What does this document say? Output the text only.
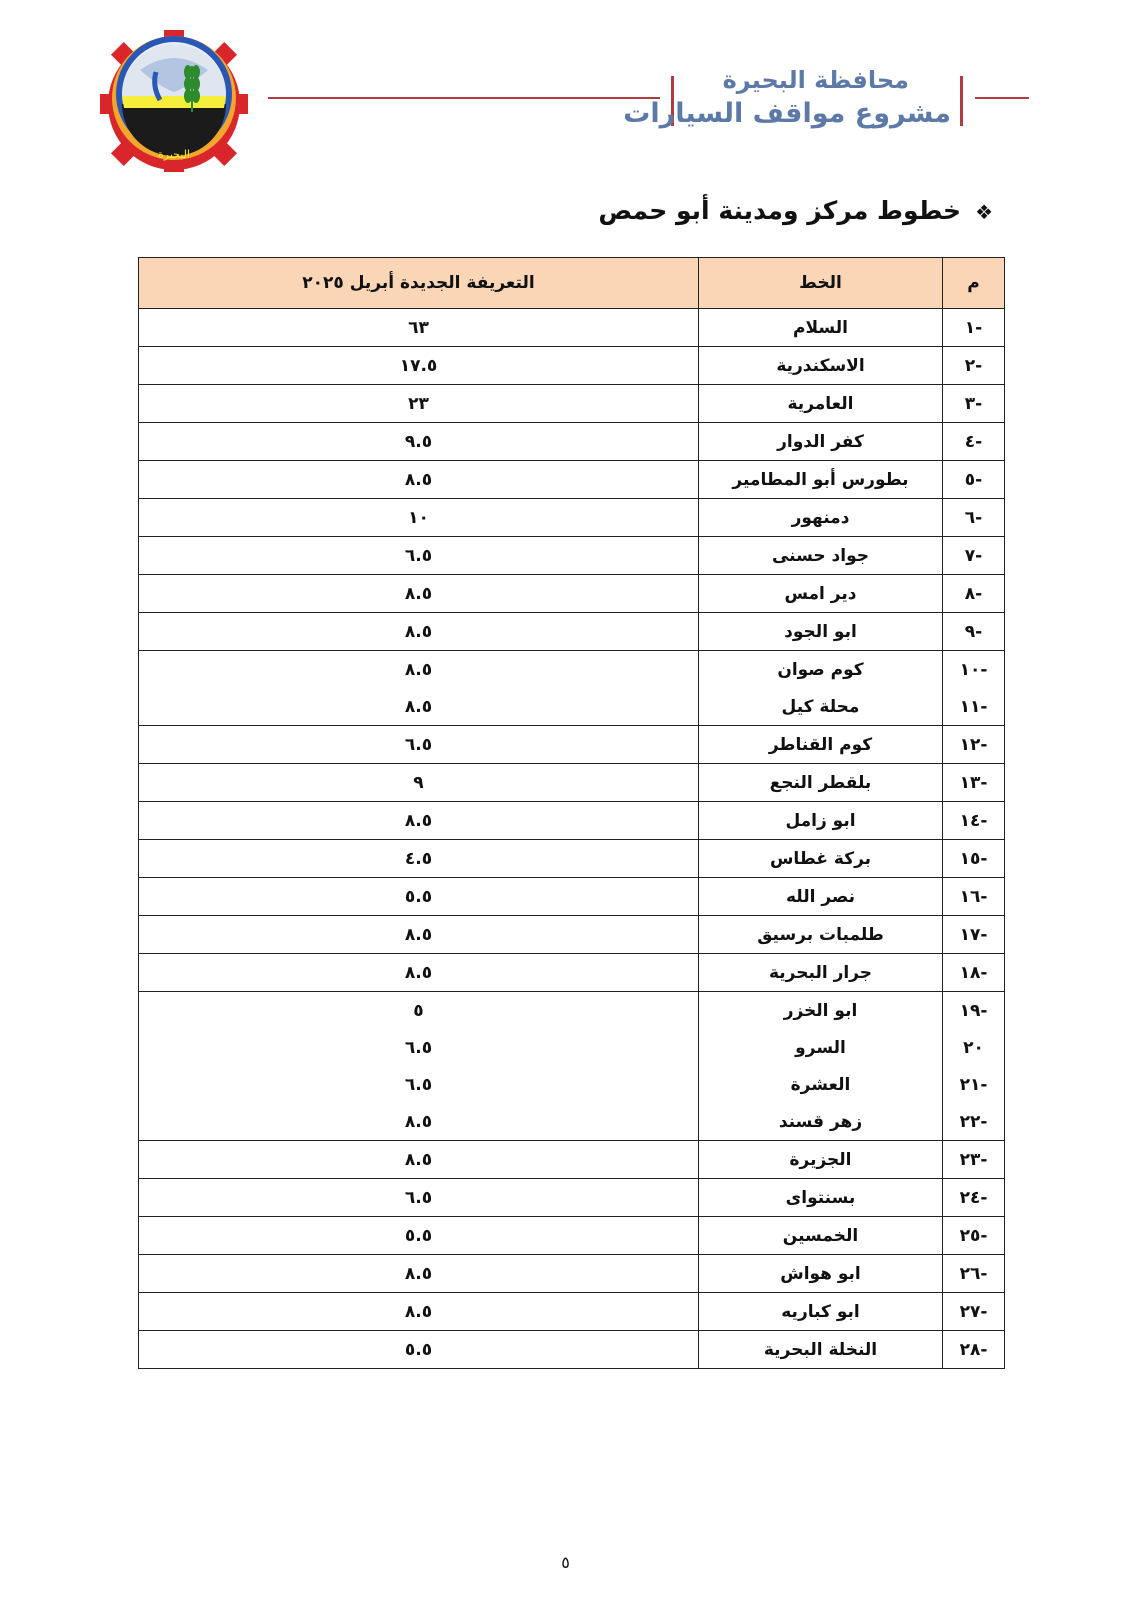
البحيرة
محافظة البحيرة
مشروع مواقف السيارات
❖خطوط مركز ومدينة أبو حمص
م	الخط	التعريفة الجديدة أبريل ٢٠٢٥
-١	السلام	٦٣
-٢	الاسكندرية	١٧.٥
-٣	العامرية	٢٣
-٤	كفر الدوار	٩.٥
-٥	بطورس أبو المطامير	٨.٥
-٦	دمنهور	١٠
-٧	جواد حسنى	٦.٥
-٨	دير امس	٨.٥
-٩	ابو الجود	٨.٥
-١٠	كوم صوان	٨.٥
-١١	محلة كيل	٨.٥
-١٢	كوم القناطر	٦.٥
-١٣	بلقطر النجع	٩
-١٤	ابو زامل	٨.٥
-١٥	بركة غطاس	٤.٥
-١٦	نصر الله	٥.٥
-١٧	طلمبات برسيق	٨.٥
-١٨	جرار البحرية	٨.٥
-١٩	ابو الخزر	٥
٢٠	السرو	٦.٥
-٢١	العشرة	٦.٥
-٢٢	زهر قسند	٨.٥
-٢٣	الجزيرة	٨.٥
-٢٤	بسنتواى	٦.٥
-٢٥	الخمسين	٥.٥
-٢٦	ابو هواش	٨.٥
-٢٧	ابو كباريه	٨.٥
-٢٨	النخلة البحرية	٥.٥
٥
